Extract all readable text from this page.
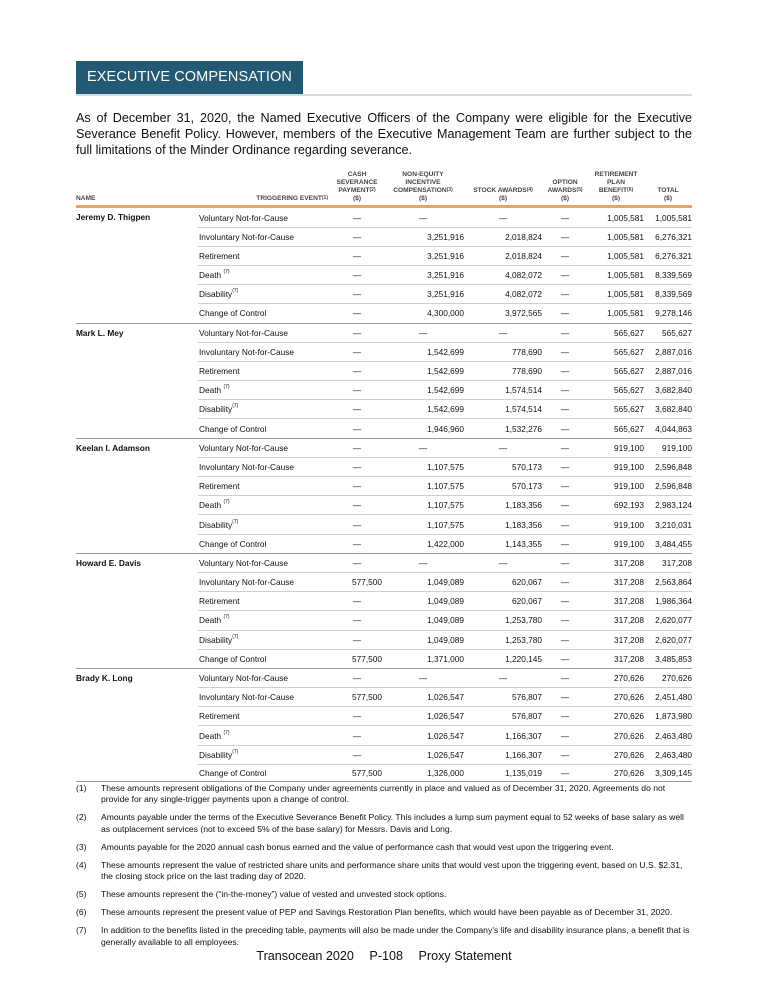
EXECUTIVE COMPENSATION

As of December 31, 2020, the Named Executive Officers of the Company were eligible for the Executive Severance Benefit Policy. However, members of the Executive Management Team are further subject to the full limitations of the Minder Ordinance regarding severance.

NAME	TRIGGERING EVENT$^{(1)}$	CASH
SEVERANCE
PAYMENT$^{(2)}$
($)	NON-EQUITY
INCENTIVE
COMPENSATION$^{(3)}$
($)	STOCK AWARDS$^{(4)}$
($)	OPTION
AWARDS$^{(5)}$
($)	RETIREMENT
PLAN
BENEFIT$^{(6)}$
($)	TOTAL
($)
Jeremy D. Thigpen	Voluntary Not-for-Cause	—	—	—	—	1,005,581	1,005,581
	Involuntary Not-for-Cause	—	3,251,916	2,018,824	—	1,005,581	6,276,321
	Retirement	—	3,251,916	2,018,824	—	1,005,581	6,276,321
	Death $^{(7)}$	—	3,251,916	4,082,072	—	1,005,581	8,339,569
	Disability$^{(7)}$	—	3,251,916	4,082,072	—	1,005,581	8,339,569
	Change of Control	—	4,300,000	3,972,565	—	1,005,581	9,278,146
Mark L. Mey	Voluntary Not-for-Cause	—	—	—	—	565,627	565,627
	Involuntary Not-for-Cause	—	1,542,699	778,690	—	565,627	2,887,016
	Retirement	—	1,542,699	778,690	—	565,627	2,887,016
	Death $^{(7)}$	—	1,542,699	1,574,514	—	565,627	3,682,840
	Disability$^{(7)}$	—	1,542,699	1,574,514	—	565,627	3,682,840
	Change of Control	—	1,946,960	1,532,276	—	565,627	4,044,863
Keelan I. Adamson	Voluntary Not-for-Cause	—	—	—	—	919,100	919,100
	Involuntary Not-for-Cause	—	1,107,575	570,173	—	919,100	2,596,848
	Retirement	—	1,107,575	570,173	—	919,100	2,596,848
	Death $^{(7)}$	—	1,107,575	1,183,356	—	692,193	2,983,124
	Disability$^{(7)}$	—	1,107,575	1,183,356	—	919,100	3,210,031
	Change of Control	—	1,422,000	1,143,355	—	919,100	3,484,455
Howard E. Davis	Voluntary Not-for-Cause	—	—	—	—	317,208	317,208
	Involuntary Not-for-Cause	577,500	1,049,089	620,067	—	317,208	2,563,864
	Retirement	—	1,049,089	620,067	—	317,208	1,986,364
	Death $^{(7)}$	—	1,049,089	1,253,780	—	317,208	2,620,077
	Disability$^{(7)}$	—	1,049,089	1,253,780	—	317,208	2,620,077
	Change of Control	577,500	1,371,000	1,220,145	—	317,208	3,485,853
Brady K. Long	Voluntary Not-for-Cause	—	—	—	—	270,626	270,626
	Involuntary Not-for-Cause	577,500	1,026,547	576,807	—	270,626	2,451,480
	Retirement	—	1,026,547	576,807	—	270,626	1,873,980
	Death $^{(7)}$	—	1,026,547	1,166,307	—	270,626	2,463,480
	Disability$^{(7)}$	—	1,026,547	1,166,307	—	270,626	2,463,480
	Change of Control	577,500	1,326,000	1,135,019	—	270,626	3,309,145
(1)	These amounts represent obligations of the Company under agreements currently in place and valued as of December 31, 2020. Agreements do not provide for any single-trigger payments upon a change of control.
(2)	Amounts payable under the terms of the Executive Severance Benefit Policy. This includes a lump sum payment equal to 52 weeks of base salary as well as outplacement services (not to exceed 5% of the base salary) for Messrs. Davis and Long.
(3)	Amounts payable for the 2020 annual cash bonus earned and the value of performance cash that would vest upon the triggering event.
(4)	These amounts represent the value of restricted share units and performance share units that would vest upon the triggering event, based on U.S. $2.31, the closing stock price on the last trading day of 2020.
(5)	These amounts represent the (“in-the-money”) value of vested and unvested stock options.
(6)	These amounts represent the present value of PEP and Savings Restoration Plan benefits, which would have been payable as of December 31, 2020.
(7)	In addition to the benefits listed in the preceding table, payments will also be made under the Company’s life and disability insurance plans, a benefit that is generally available to all employees.
Transocean 2020 P-108 Proxy Statement
